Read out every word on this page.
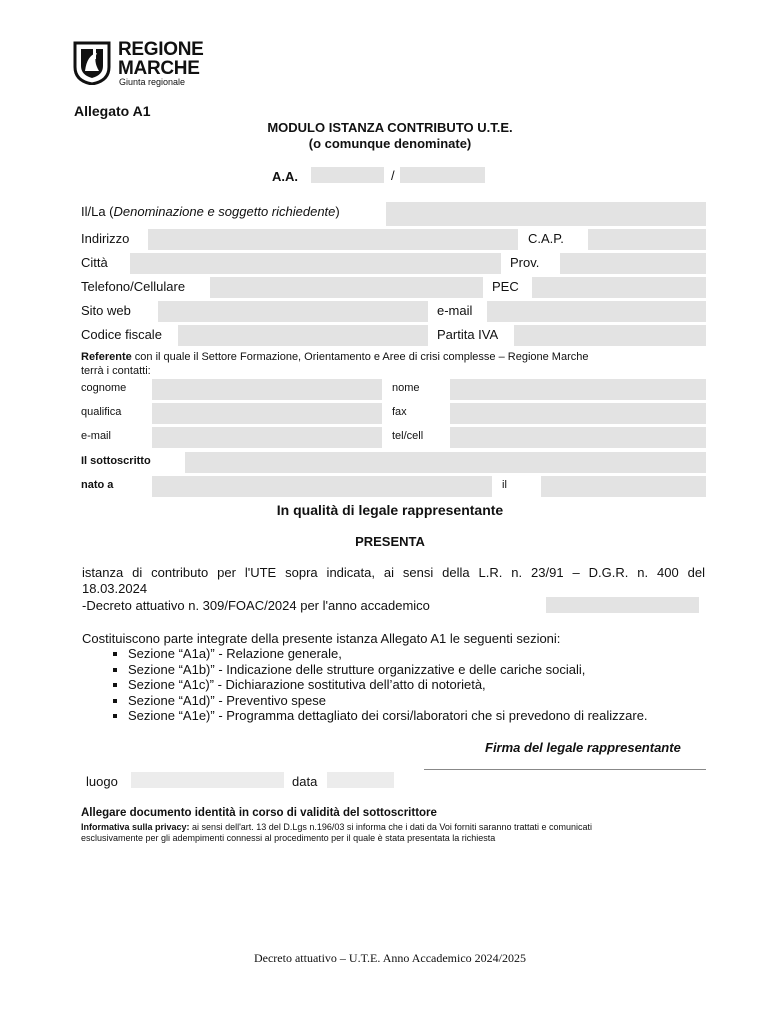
REGIONE
MARCHE
Giunta regionale
Allegato A1
MODULO ISTANZA CONTRIBUTO U.T.E.
(o comunque denominate)
A.A.	/
Il/La (Denominazione e soggetto richiedente)
Indirizzo	C.A.P.
Città	Prov.
Telefono/Cellulare	PEC
Sito web	e-mail
Codice fiscale	Partita IVA
Referente con il quale il Settore Formazione, Orientamento e Aree di crisi complesse – Regione Marche
terrà i contatti:
cognome	nome
qualifica	fax
e-mail	tel/cell
Il sottoscritto
nato a	il
In qualità di legale rappresentante
PRESENTA
istanza di contributo per l'UTE sopra indicata, ai sensi della L.R. n. 23/91 – D.G.R. n. 400 del
18.03.2024
-Decreto attuativo n. 309/FOAC/2024 per l'anno accademico
Costituiscono parte integrate della presente istanza Allegato A1 le seguenti sezioni:
▪ Sezione “A1a)” - Relazione generale,
▪ Sezione “A1b)” - Indicazione delle strutture organizzative e delle cariche sociali,
▪ Sezione “A1c)” - Dichiarazione sostitutiva dell’atto di notorietà,
▪ Sezione “A1d)” - Preventivo spese
▪ Sezione “A1e)” - Programma dettagliato dei corsi/laboratori che si prevedono di realizzare.
Firma del legale rappresentante
luogo	data
Allegare documento identità in corso di validità del sottoscrittore
Informativa sulla privacy: ai sensi dell'art. 13 del D.Lgs n.196/03 si informa che i dati da Voi forniti saranno trattati e comunicati
esclusivamente per gli adempimenti connessi al procedimento per il quale è stata presentata la richiesta
Decreto attuativo – U.T.E. Anno Accademico 2024/2025
